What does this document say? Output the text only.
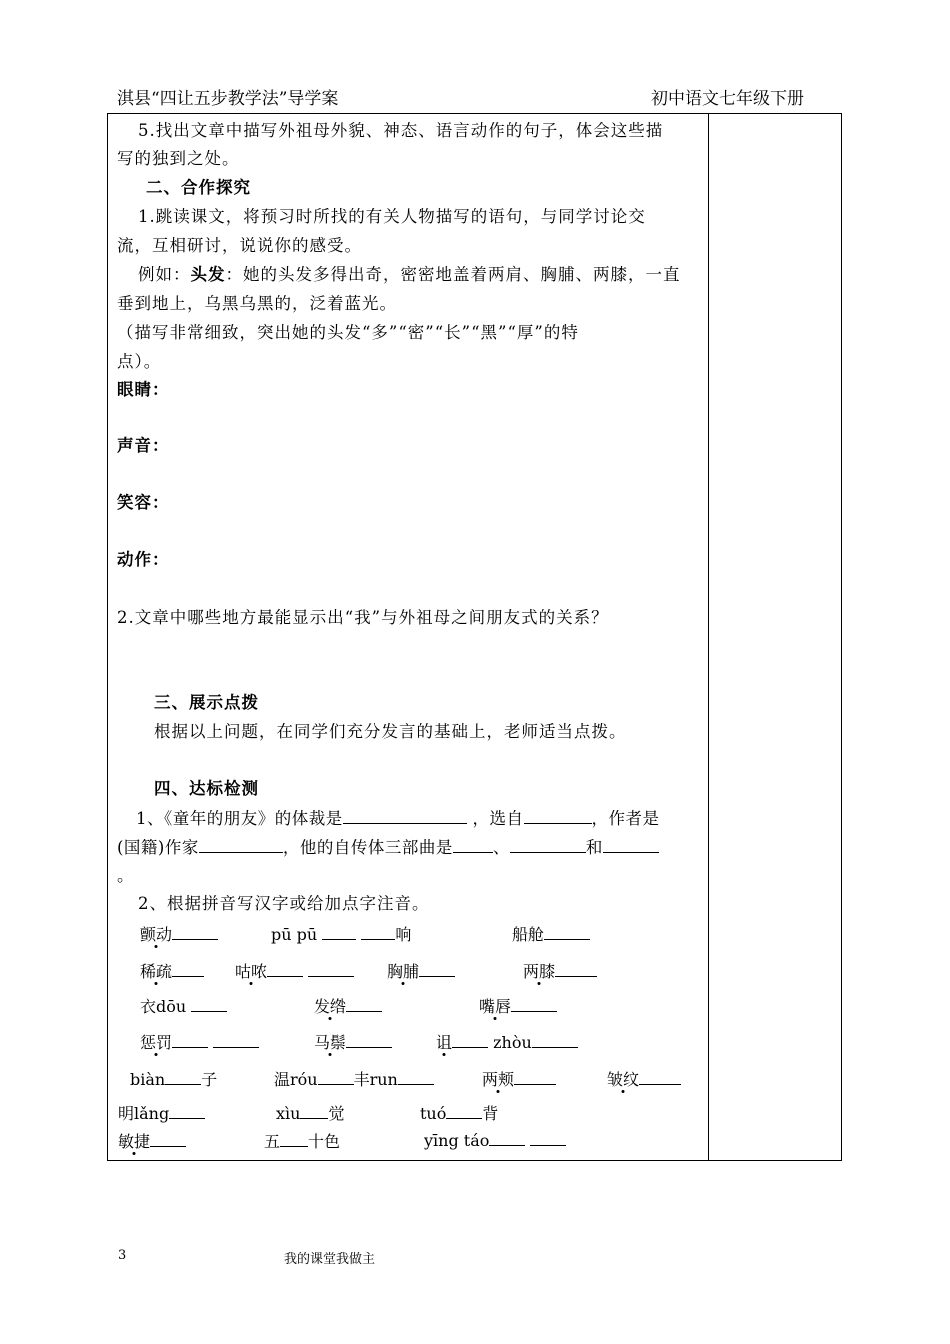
淇县“四让五步教学法”导学案	初中语文七年级下册
5.找出文章中描写外祖母外貌、神态、语言动作的句子，体会这些描
写的独到之处。
二、合作探究
1.跳读课文，将预习时所找的有关人物描写的语句，与同学讨论交
流，互相研讨，说说你的感受。
例如：头发：她的头发多得出奇，密密地盖着两肩、胸脯、两膝，一直
垂到地上，乌黑乌黑的，泛着蓝光。
（描写非常细致，突出她的头发“多”“密”“长”“黑”“厚”的特
点）。
眼睛：
声音：
笑容：
动作：
2.文章中哪些地方最能显示出“我”与外祖母之间朋友式的关系？
三、展示点拨
根据以上问题，在同学们充分发言的基础上，老师适当点拨。
四、达标检测
1、《童年的朋友》的体裁是	，选自	，作者是
(国籍)作家	，他的自传体三部曲是 、	和
。
2、根据拼音写汉字或给加点字注音。
颤动	pū pū	响	船舱
稀疏	咕哝	胸脯	两膝
衣dōu	发绺	嘴唇
惩罚	马鬃	诅	zhòu
biàn 子	温róu 丰run	两颊	皱纹
明lǎng	xìu 觉	tuó 背
敏捷	五 十色	yīng táo
3	我的课堂我做主
